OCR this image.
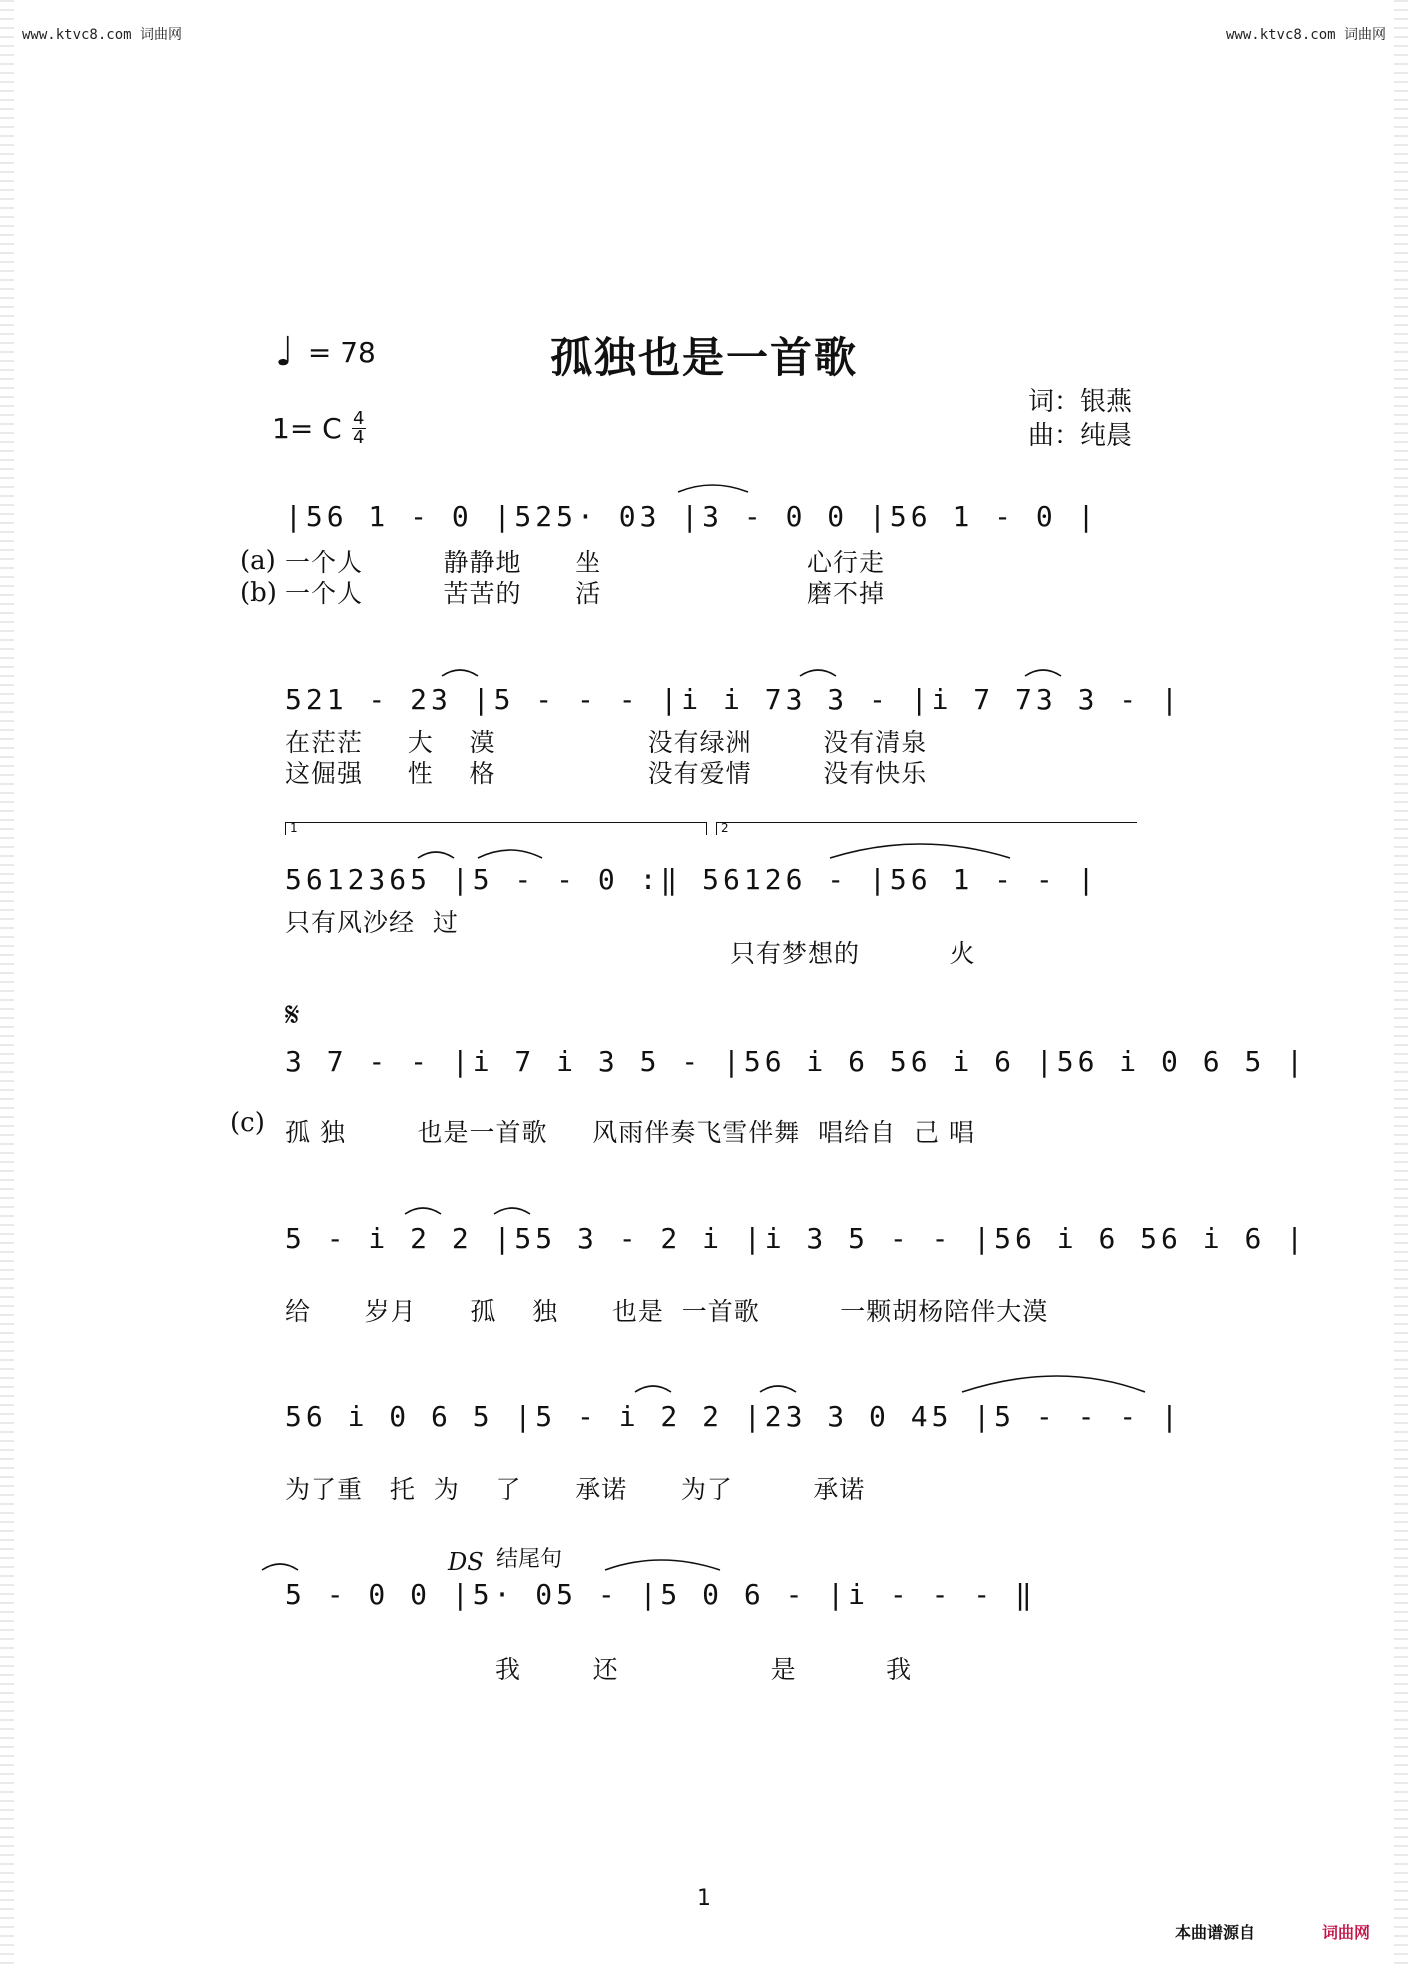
www.ktvc8.com 词曲网	www.ktvc8.com 词曲网
♩ = 78	孤独也是一首歌
1= C 4
4
词：银燕
曲：纯晨
|56 1 - 0 |525· 03 |3 - 0 0 |56 1 - 0 |
(a)
(b)
一个人         静静地      坐                       心行走
一个人         苦苦的      活                       磨不掉
521 - 23 |5 - - - |i i 73 3 - |i 7 73 3 - |
在茫茫     大    漠                 没有绿洲        没有清泉
这倔强     性    格                 没有爱情        没有快乐
1	2
5612365 |5 - - 0 :‖ 56126 - |56 1 - - |
只有风沙经  过
只有梦想的          火
𝄋
3 7 - - |i 7 i 3 5 - |56 i 6 56 i 6 |56 i 0 6 5 |
(c) 孤 独        也是一首歌     风雨伴奏飞雪伴舞  唱给自  己 唱
5 - i 2 2 |55 3 - 2 i |i 3 5 - - |56 i 6 56 i 6 |
给      岁月      孤    独      也是  一首歌         一颗胡杨陪伴大漠
56 i 0 6 5 |5 - i 2 2 |23 3 0 45 |5 - - - |
为了重   托  为    了      承诺      为了         承诺
DS 结尾句
5 - 0 0 |5· 05 - |5 0 6 - |i - - - ‖
我        还                 是          我
1
本曲谱源自	词曲网
